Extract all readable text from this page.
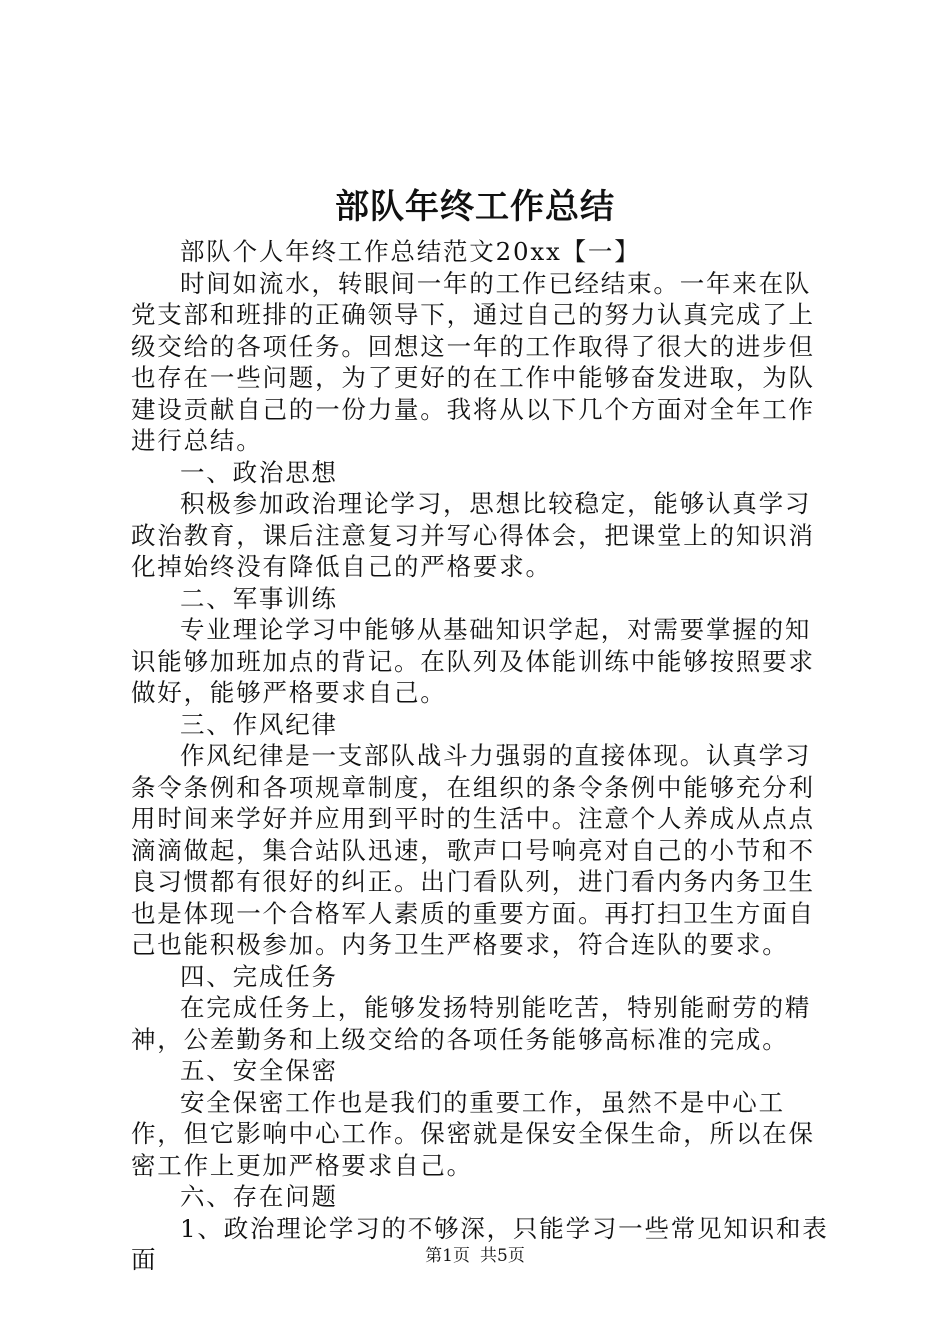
部队年终工作总结

部队个人年终工作总结范文20xx【一】

时间如流水，转眼间一年的工作已经结束。一年来在队党支部和班排的正确领导下，通过自己的努力认真完成了上级交给的各项任务。回想这一年的工作取得了很大的进步但也存在一些问题，为了更好的在工作中能够奋发进取，为队建设贡献自己的一份力量。我将从以下几个方面对全年工作进行总结。

一、政治思想

积极参加政治理论学习，思想比较稳定，能够认真学习政治教育，课后注意复习并写心得体会，把课堂上的知识消化掉始终没有降低自己的严格要求。

二、军事训练

专业理论学习中能够从基础知识学起，对需要掌握的知识能够加班加点的背记。在队列及体能训练中能够按照要求做好，能够严格要求自己。

三、作风纪律

作风纪律是一支部队战斗力强弱的直接体现。认真学习条令条例和各项规章制度，在组织的条令条例中能够充分利用时间来学好并应用到平时的生活中。注意个人养成从点点滴滴做起，集合站队迅速，歌声口号响亮对自己的小节和不良习惯都有很好的纠正。出门看队列，进门看内务内务卫生也是体现一个合格军人素质的重要方面。再打扫卫生方面自己也能积极参加。内务卫生严格要求，符合连队的要求。

四、完成任务

在完成任务上，能够发扬特别能吃苦，特别能耐劳的精神，公差勤务和上级交给的各项任务能够高标准的完成。

五、安全保密

安全保密工作也是我们的重要工作，虽然不是中心工作，但它影响中心工作。保密就是保安全保生命，所以在保密工作上更加严格要求自己。

六、存在问题

1、政治理论学习的不够深，只能学习一些常见知识和表面	第1页 共5页
